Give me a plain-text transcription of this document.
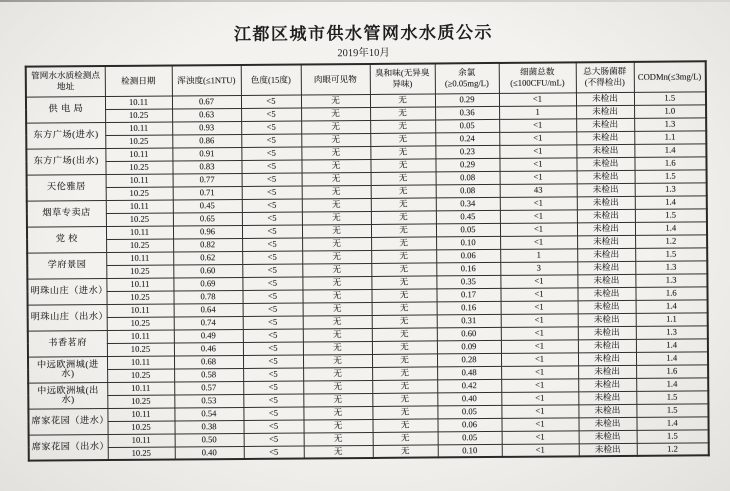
江都区城市供水管网水水质公示
2019年10月
管网水水质检测点地址	检测日期	浑浊度(≤1NTU)	色度(15度)	肉眼可见物	臭和味(无异臭异味)	余氯(≥0.05mg/L)	细菌总数(≤100CFU/mL)	总大肠菌群(不得检出)	CODMn(≤3mg/L)
供 电 局	10.11	0.67	<5	无	无	0.29	<1	未检出	1.5
	10.25	0.63	<5	无	无	0.36	1	未检出	1.0
东方广场(进水)	10.11	0.93	<5	无	无	0.05	<1	未检出	1.3
	10.25	0.86	<5	无	无	0.24	<1	未检出	1.1
东方广场(出水)	10.11	0.91	<5	无	无	0.23	<1	未检出	1.4
	10.25	0.83	<5	无	无	0.29	<1	未检出	1.6
天伦雅居	10.11	0.77	<5	无	无	0.08	<1	未检出	1.5
	10.25	0.71	<5	无	无	0.08	43	未检出	1.3
烟草专卖店	10.11	0.45	<5	无	无	0.34	<1	未检出	1.4
	10.25	0.65	<5	无	无	0.45	<1	未检出	1.5
党 校	10.11	0.96	<5	无	无	0.05	<1	未检出	1.4
	10.25	0.82	<5	无	无	0.10	<1	未检出	1.2
学府景园	10.11	0.62	<5	无	无	0.06	1	未检出	1.5
	10.25	0.60	<5	无	无	0.16	3	未检出	1.3
明珠山庄（进水）	10.11	0.69	<5	无	无	0.35	<1	未检出	1.3
	10.25	0.78	<5	无	无	0.17	<1	未检出	1.6
明珠山庄（出水）	10.11	0.64	<5	无	无	0.16	<1	未检出	1.4
	10.25	0.74	<5	无	无	0.31	<1	未检出	1.1
书香茗府	10.11	0.49	<5	无	无	0.60	<1	未检出	1.3
	10.25	0.46	<5	无	无	0.09	<1	未检出	1.4
中远欧洲城(进水)	10.11	0.68	<5	无	无	0.28	<1	未检出	1.4
	10.25	0.58	<5	无	无	0.48	<1	未检出	1.6
中远欧洲城(出水)	10.11	0.57	<5	无	无	0.42	<1	未检出	1.4
	10.25	0.53	<5	无	无	0.40	<1	未检出	1.5
席家花园（进水）	10.11	0.54	<5	无	无	0.05	<1	未检出	1.5
	10.25	0.38	<5	无	无	0.06	<1	未检出	1.4
席家花园（出水）	10.11	0.50	<5	无	无	0.05	<1	未检出	1.5
	10.25	0.40	<5	无	无	0.10	<1	未检出	1.2
